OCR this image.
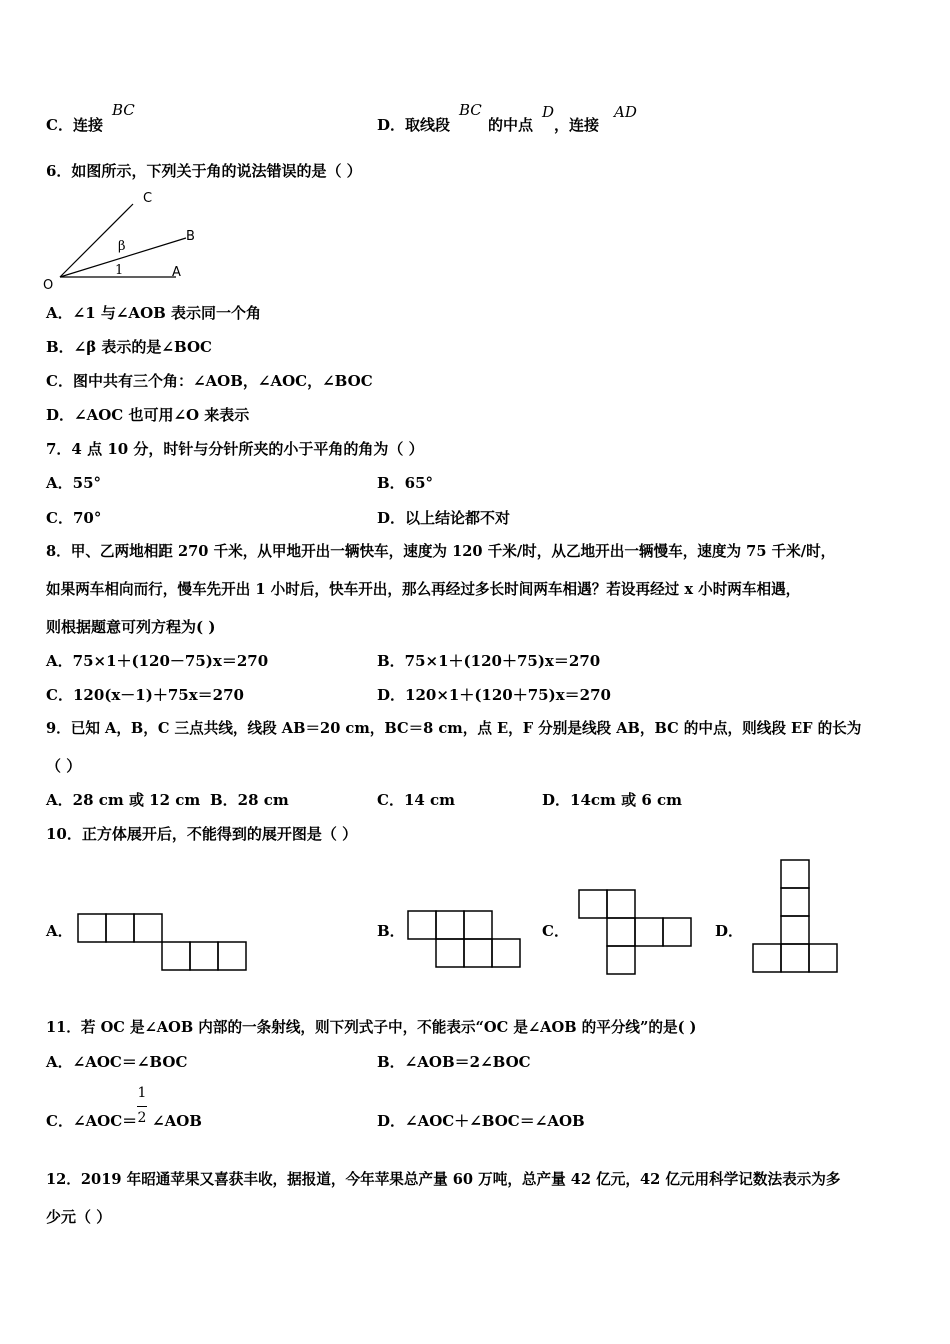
C．连接
BC
D．取线段
BC
的中点
D
，连接
AD
6．如图所示，下列关于角的说法错误的是（ ）
C
B
O
A
β
1
A．∠1 与∠AOB 表示同一个角
B．∠β 表示的是∠BOC
C．图中共有三个角：∠AOB，∠AOC，∠BOC
D．∠AOC 也可用∠O 来表示
7．4 点 10 分，时针与分针所夹的小于平角的角为（ ）
A．55°	B．65°
C．70°	D．以上结论都不对
8．甲、乙两地相距 270 千米，从甲地开出一辆快车，速度为 120 千米/时，从乙地开出一辆慢车，速度为 75 千米/时，
如果两车相向而行，慢车先开出 1 小时后，快车开出，那么再经过多长时间两车相遇？若设再经过 x 小时两车相遇，
则根据题意可列方程为( )
A．75×1＋(120－75)x＝270	B．75×1＋(120＋75)x＝270
C．120(x－1)＋75x＝270	D．120×1＋(120＋75)x＝270
9．已知 A，B，C 三点共线，线段 AB＝20 cm，BC＝8 cm，点 E，F 分别是线段 AB，BC 的中点，则线段 EF 的长为
（ ）
A．28 cm 或 12 cm B．28 cm	C．14 cm	D．14cm 或 6 cm
10．正方体展开后，不能得到的展开图是（ ）
A．	B．	C．	D．
11．若 OC 是∠AOB 内部的一条射线，则下列式子中，不能表示“OC 是∠AOB 的平分线”的是( )
A．∠AOC＝∠BOC	B．∠AOB＝2∠BOC
C．∠AOC＝
1
2 ∠AOB	D．∠AOC＋∠BOC＝∠AOB
12．2019 年昭通苹果又喜获丰收，据报道，今年苹果总产量 60 万吨，总产量 42 亿元，42 亿元用科学记数法表示为多
少元（ ）
